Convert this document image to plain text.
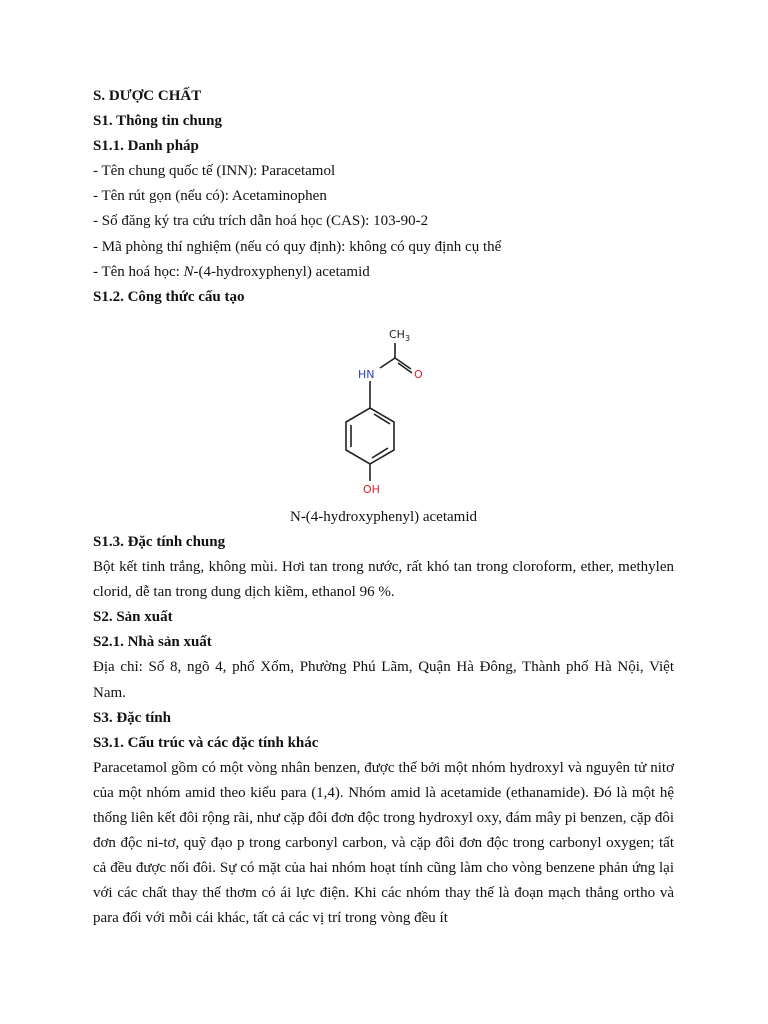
S. DƯỢC CHẤT

S1. Thông tin chung

S1.1. Danh pháp

- Tên chung quốc tế (INN): Paracetamol

- Tên rút gọn (nếu có): Acetaminophen

- Số đăng ký tra cứu trích dẫn hoá học (CAS): 103-90-2

- Mã phòng thí nghiệm (nếu có quy định): không có quy định cụ thể

- Tên hoá học: N-(4-hydroxyphenyl) acetamid

S1.2. Công thức cấu tạo

$CH_3$
HN	O
OH

N-(4-hydroxyphenyl) acetamid

S1.3. Đặc tính chung

Bột kết tinh trắng, không mùi. Hơi tan trong nước, rất khó tan trong cloroform, ether, methylen clorid, dễ tan trong dung dịch kiềm, ethanol 96 %.

S2. Sản xuất

S2.1. Nhà sản xuất

Địa chỉ: Số 8, ngõ 4, phố Xốm, Phường Phú Lãm, Quận Hà Đông, Thành phố Hà Nội, Việt Nam.

S3. Đặc tính

S3.1. Cấu trúc và các đặc tính khác

Paracetamol gồm có một vòng nhân benzen, được thế bởi một nhóm hydroxyl và nguyên tử nitơ của một nhóm amid theo kiểu para (1,4). Nhóm amid là acetamide (ethanamide). Đó là một hệ thống liên kết đôi rộng rãi, như cặp đôi đơn độc trong hydroxyl oxy, đám mây pi benzen, cặp đôi đơn độc ni-tơ, quỹ đạo p trong carbonyl carbon, và cặp đôi đơn độc trong carbonyl oxygen; tất cả đều được nối đôi. Sự có mặt của hai nhóm hoạt tính cũng làm cho vòng benzene phản ứng lại với các chất thay thế thơm có ái lực điện. Khi các nhóm thay thế là đoạn mạch thẳng ortho và para đối với mỗi cái khác, tất cả các vị trí trong vòng đều ít
